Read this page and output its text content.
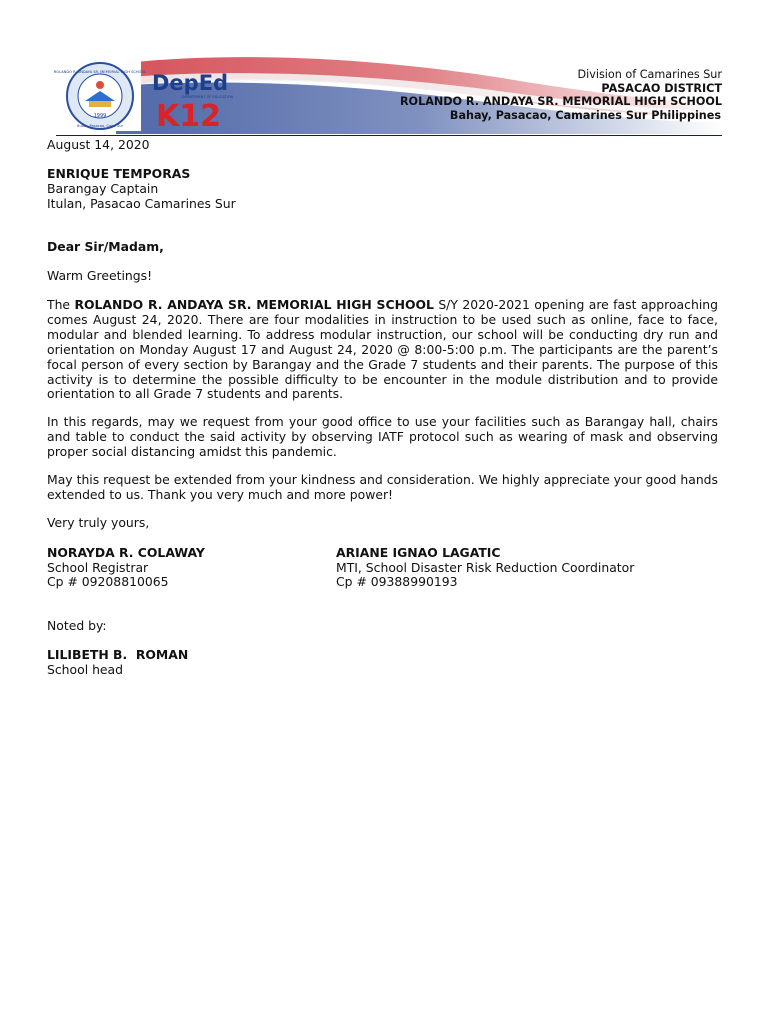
1999
ROLANDO R. ANDAYA SR. MEMORIAL HIGH SCHOOL
Itulan, Pasacao, Cam. Sur
DepEd
DEPARTMENT OF EDUCATION
K12
Division of Camarines Sur
PASACAO DISTRICT
ROLANDO R. ANDAYA SR. MEMORIAL HIGH SCHOOL
Bahay, Pasacao, Camarines Sur Philippines
August 14, 2020
ENRIQUE TEMPORAS
Barangay Captain
Itulan, Pasacao Camarines Sur
Dear Sir/Madam,
Warm Greetings!
The ROLANDO R. ANDAYA SR. MEMORIAL HIGH SCHOOL S/Y 2020-2021 opening are fast approaching comes August 24, 2020. There are four modalities in instruction to be used such as online, face to face, modular and blended learning. To address modular instruction, our school will be conducting dry run and orientation on Monday August 17 and August 24, 2020 @ 8:00-5:00 p.m. The participants are the parent’s focal person of every section by Barangay and the Grade 7 students and their parents. The purpose of this activity is to determine the possible difficulty to be encounter in the module distribution and to provide orientation to all Grade 7 students and parents.
In this regards, may we request from your good office to use your facilities such as Barangay hall, chairs and table to conduct the said activity by observing IATF protocol such as wearing of mask and observing proper social distancing amidst this pandemic.
May this request be extended from your kindness and consideration. We highly appreciate your good hands extended to us. Thank you very much and more power!
Very truly yours,
NORAYDA R. COLAWAY
School Registrar
Cp # 09208810065
ARIANE IGNAO LAGATIC
MTI, School Disaster Risk Reduction Coordinator
Cp # 09388990193
Noted by:
LILIBETH B.  ROMAN
School head
